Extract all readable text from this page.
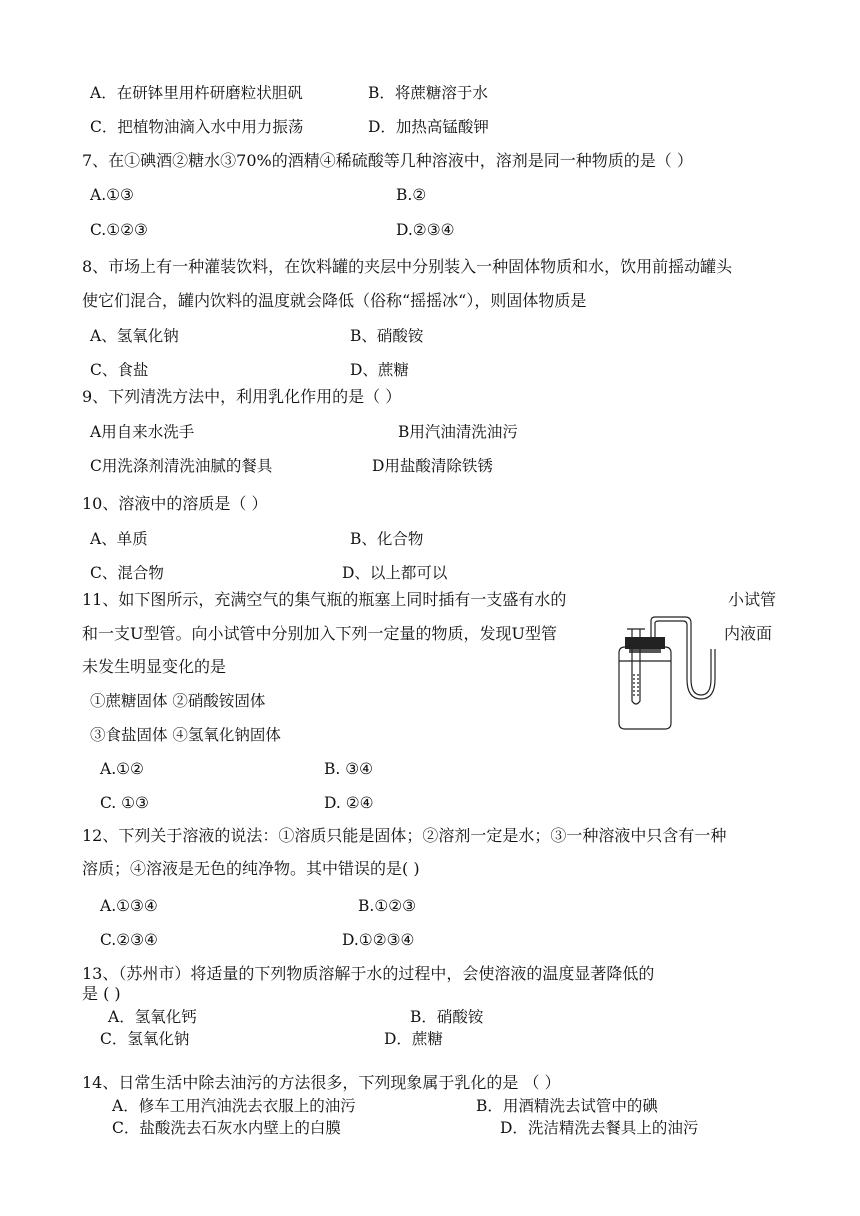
A．在研钵里用杵研磨粒状胆矾	B．将蔗糖溶于水
C．把植物油滴入水中用力振荡	D．加热高锰酸钾
7、在①碘酒②糖水③70%的酒精④稀硫酸等几种溶液中，溶剂是同一种物质的是（ ）
A.①③	B.②
C.①②③	D.②③④
8、市场上有一种灌装饮料，在饮料罐的夹层中分别装入一种固体物质和水，饮用前摇动罐头
使它们混合，罐内饮料的温度就会降低（俗称“摇摇冰“），则固体物质是
A、氢氧化钠	B、硝酸铵
C、食盐	D、蔗糖
9、下列清洗方法中，利用乳化作用的是（ ）
A用自来水洗手	B用汽油清洗油污
C用洗涤剂清洗油腻的餐具	D用盐酸清除铁锈
10、溶液中的溶质是（ ）
A、单质	B、化合物
C、混合物	D、以上都可以
11、如下图所示，充满空气的集气瓶的瓶塞上同时插有一支盛有水的	小试管
和一支U型管。向小试管中分别加入下列一定量的物质，发现U型管	内液面
未发生明显变化的是
①蔗糖固体 ②硝酸铵固体
③食盐固体 ④氢氧化钠固体
A.①②	B. ③④
C. ①③	D. ②④
12、下列关于溶液的说法：①溶质只能是固体；②溶剂一定是水；③一种溶液中只含有一种
溶质；④溶液是无色的纯净物。其中错误的是( )
A.①③④	B.①②③
C.②③④	D.①②③④
13、（苏州市）将适量的下列物质溶解于水的过程中，会使溶液的温度显著降低的
是 ( )
A．氢氧化钙	B．硝酸铵
C．氢氧化钠	D．蔗糖
14、日常生活中除去油污的方法很多，下列现象属于乳化的是 （ ）
A．修车工用汽油洗去衣服上的油污	B．用酒精洗去试管中的碘
C．盐酸洗去石灰水内壁上的白膜	D．洗洁精洗去餐具上的油污
